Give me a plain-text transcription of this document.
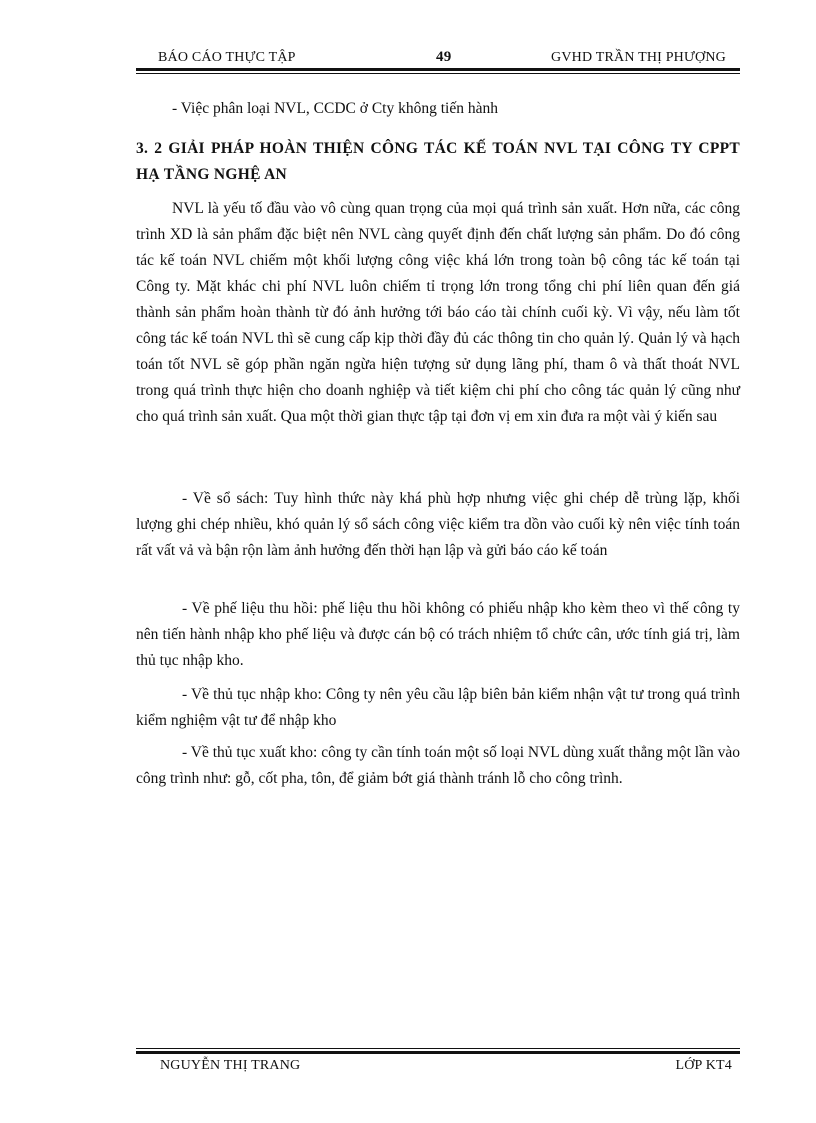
BÁO CÁO THỰC TẬP	49	GVHD TRẦN THỊ PHƯỢNG
- Việc phân loại NVL, CCDC ở Cty không tiến hành
3. 2 GIẢI PHÁP HOÀN THIỆN CÔNG TÁC KẾ TOÁN NVL TẠI CÔNG TY CPPT HẠ TẦNG NGHỆ AN
NVL là yếu tố đầu vào vô cùng quan trọng của mọi quá trình sản xuất. Hơn nữa, các công trình XD là sản phẩm đặc biệt nên NVL càng quyết định đến chất lượng sản phẩm. Do đó công tác kế toán NVL chiếm một khối lượng công việc khá lớn trong toàn bộ công tác kế toán tại Công ty. Mặt khác chi phí NVL luôn chiếm tỉ trọng lớn trong tổng chi phí liên quan đến giá thành sản phẩm hoàn thành từ đó ảnh hưởng tới báo cáo tài chính cuối kỳ. Vì vậy, nếu làm tốt công tác kế toán NVL thì sẽ cung cấp kịp thời đầy đủ các thông tin cho quản lý. Quản lý và hạch toán tốt NVL sẽ góp phần ngăn ngừa hiện tượng sử dụng lãng phí, tham ô và thất thoát NVL trong quá trình thực hiện cho doanh nghiệp và tiết kiệm chi phí cho công tác quản lý cũng như cho quá trình sản xuất. Qua một thời gian thực tập tại đơn vị em xin đưa ra một vài ý kiến sau
- Về sổ sách: Tuy hình thức này khá phù hợp nhưng việc ghi chép dễ trùng lặp, khối lượng ghi chép nhiều, khó quản lý sổ sách công việc kiểm tra dồn vào cuối kỳ nên việc tính toán rất vất vả và bận rộn làm ảnh hưởng đến thời hạn lập và gửi báo cáo kế toán
- Về phế liệu thu hồi: phế liệu thu hồi không có phiếu nhập kho kèm theo vì thế công ty nên tiến hành nhập kho phế liệu và được cán bộ có trách nhiệm tổ chức cân, ước tính giá trị, làm thủ tục nhập kho.
- Về thủ tục nhập kho: Công ty nên yêu cầu lập biên bản kiểm nhận vật tư trong quá trình kiểm nghiệm vật tư để nhập kho
- Về thủ tục xuất kho: công ty cần tính toán một số loại NVL dùng xuất thẳng một lần vào công trình như: gỗ, cốt pha, tôn, để giảm bớt giá thành tránh lỗ cho công trình.
NGUYỄN THỊ TRANG	LỚP KT4
